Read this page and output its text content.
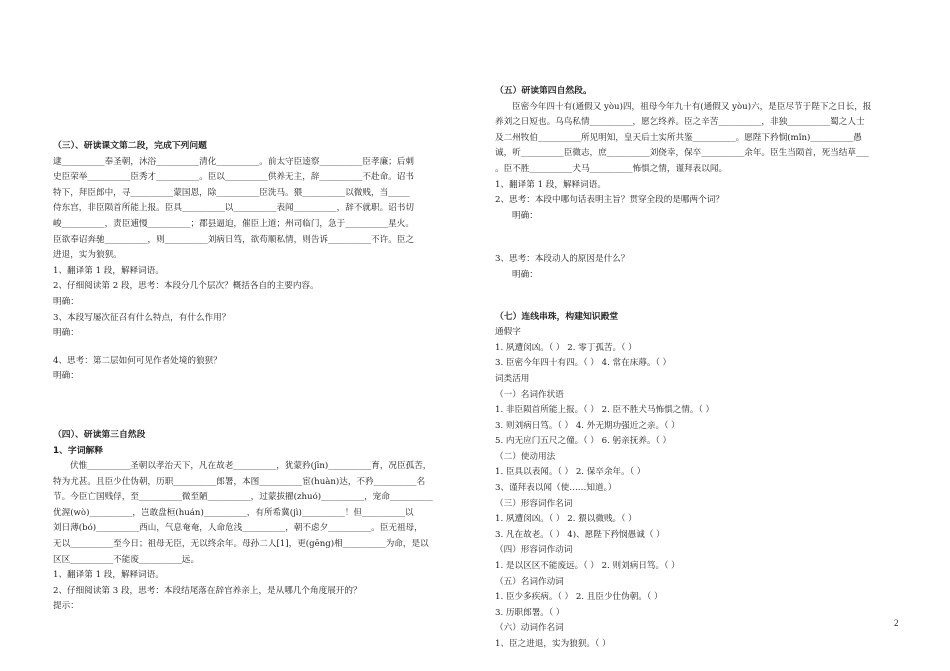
（三）、研读课文第二段，完成下列问题
逮__________奉圣朝，沐浴__________清化__________。前太守臣逵察__________臣孝廉；后刺
史臣荣举__________臣秀才__________。臣以__________供养无主，辞__________不赴命。诏书
特下，拜臣郎中，寻__________蒙国恩，除__________臣洗马。猥__________以微贱，当_____
侍东宫，非臣陨首所能上报。臣具__________以__________表闻__________，辞不就职。诏书切
峻__________，责臣逋慢__________；郡县逼迫，催臣上道；州司临门，急于__________星火。
臣欲奉诏奔驰__________，则__________刘病日笃，欲苟顺私情，则告诉__________不许。臣之
进退，实为狼狈。
1、翻译第 1 段，解释词语。
2、仔细阅读第 2 段，思考：本段分几个层次？概括各自的主要内容。
明确：
3、本段写屡次征召有什么特点，有什么作用？
明确：
4、思考：第二层如何可见作者处境的狼狈？
明确：
（四）、研读第三自然段
1、字词解释
伏惟__________圣朝以孝治天下，凡在故老__________，犹蒙矜(jīn)__________育，况臣孤苦，
特为尤甚。且臣少仕伪朝，历职__________郎署，本图__________宦(huàn)达，不矜__________名
节。今臣亡国贱俘，至__________微至陋__________，过蒙拔擢(zhuó)__________，宠命__________
优渥(wò)__________，岂敢盘桓(huán)__________，有所希冀(jì)__________！但__________以
刘日薄(bó)__________西山，气息奄奄，人命危浅__________，朝不虑夕__________。臣无祖母，
无以__________至今日；祖母无臣，无以终余年。母孙二人[1]，更(gēng)相__________为命，是以
区区__________不能废__________远。
1、翻译第 1 段，解释词语。
2、仔细阅读第 3 段，思考：本段结尾落在辞官养亲上，是从哪几个角度展开的？
提示：
（五）研读第四自然段。
臣密今年四十有(通假又 yòu)四，祖母今年九十有(通假又 yòu)六，是臣尽节于陛下之日长，报
养刘之日短也。乌鸟私情__________，愿乞终养。臣之辛苦__________，非独__________蜀之人士
及二州牧伯__________所见明知，皇天后土实所共鉴__________。愿陛下矜悯(mǐn)__________愚
诚，听__________臣微志，庶__________刘侥幸，保卒__________余年。臣生当陨首，死当结草___
。臣不胜__________犬马__________怖惧之情，谨拜表以闻。
1、翻译第 1 段，解释词语。
2、思考：本段中哪句话表明主旨？贯穿全段的是哪两个词？
明确：
3、思考：本段动人的原因是什么？
明确：
（七）连线串珠，构建知识殿堂
通假字
1. 夙遭闵凶。（ ） 2. 零丁孤苦。（ ）
3. 臣密今年四十有四。（ ） 4. 常在床蓐。（ ）
词类活用
（一）名词作状语
1. 非臣陨首所能上报。（ ） 2. 臣不胜犬马怖惧之情。（ ）
3. 则刘病日笃。（ ） 4. 外无期功强近之亲。（ ）
5. 内无应门五尺之僮。（ ） 6. 躬亲抚养。（ ）
（二）使动用法
1. 臣具以表闻。（ ） 2. 保卒余年。（ ）
3、谨拜表以闻（使……知道。）
（三）形容词作名词
1. 夙遭闵凶。（ ） 2. 猥以微贱。（ ）
3. 凡在故老。（ ） 4)、愿陛下矜悯愚诚（ ）
（四）形容词作动词
1. 是以区区不能废远。（ ） 2. 则刘病日笃。（ ）
（五）名词作动词
1. 臣少多疾病。（ ） 2. 且臣少仕伪朝。（ ）
3. 历职郎署。（ ）
（六）动词作名词
1、臣之进退，实为狼狈。（ ）
2
